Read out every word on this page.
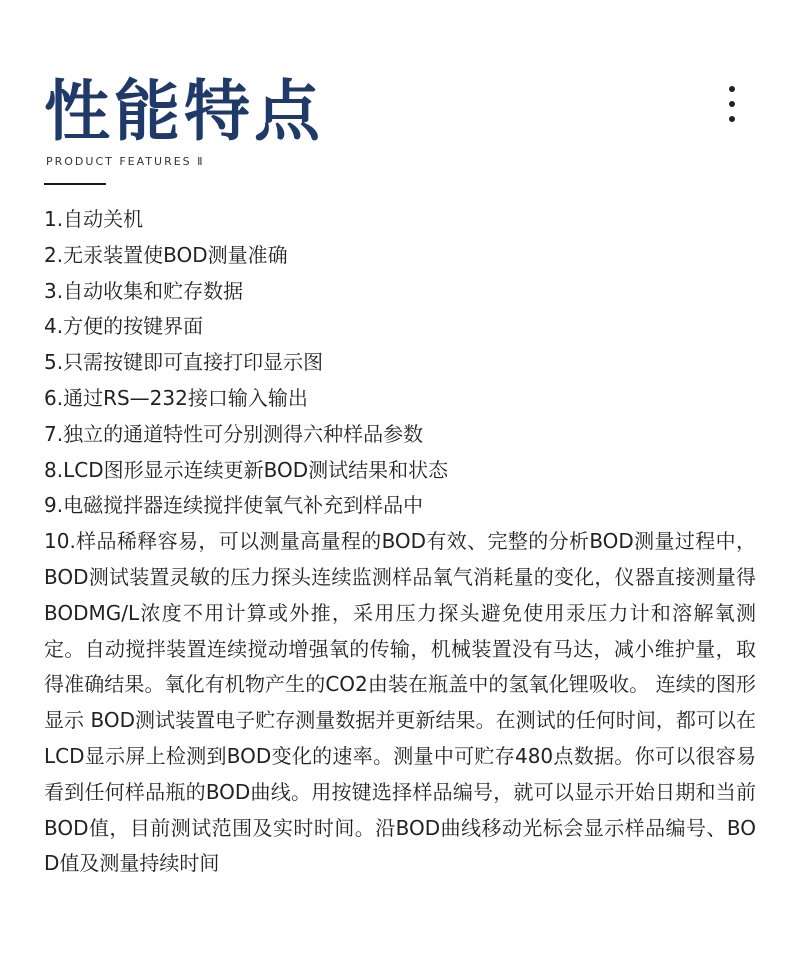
性能特点
PRODUCT FEATURES Ⅱ
1.自动关机
2.无汞装置使BOD测量准确
3.自动收集和贮存数据
4.方便的按键界面
5.只需按键即可直接打印显示图
6.通过RS—232接口输入输出
7.独立的通道特性可分别测得六种样品参数
8.LCD图形显示连续更新BOD测试结果和状态
9.电磁搅拌器连续搅拌使氧气补充到样品中
10.样品稀释容易，可以测量高量程的BOD有效、完整的分析BOD测量过程中，BOD测试装置灵敏的压力探头连续监测样品氧气消耗量的变化，仪器直接测量得BODMG/L浓度不用计算或外推，采用压力探头避免使用汞压力计和溶解氧测定。自动搅拌装置连续搅动增强氧的传输，机械装置没有马达，减小维护量，取得准确结果。氧化有机物产生的CO2由装在瓶盖中的氢氧化锂吸收。 连续的图形显示 BOD测试装置电子贮存测量数据并更新结果。在测试的任何时间，都可以在LCD显示屏上检测到BOD变化的速率。测量中可贮存480点数据。你可以很容易看到任何样品瓶的BOD曲线。用按键选择样品编号，就可以显示开始日期和当前BOD值，目前测试范围及实时时间。沿BOD曲线移动光标会显示样品编号、BOD值及测量持续时间
